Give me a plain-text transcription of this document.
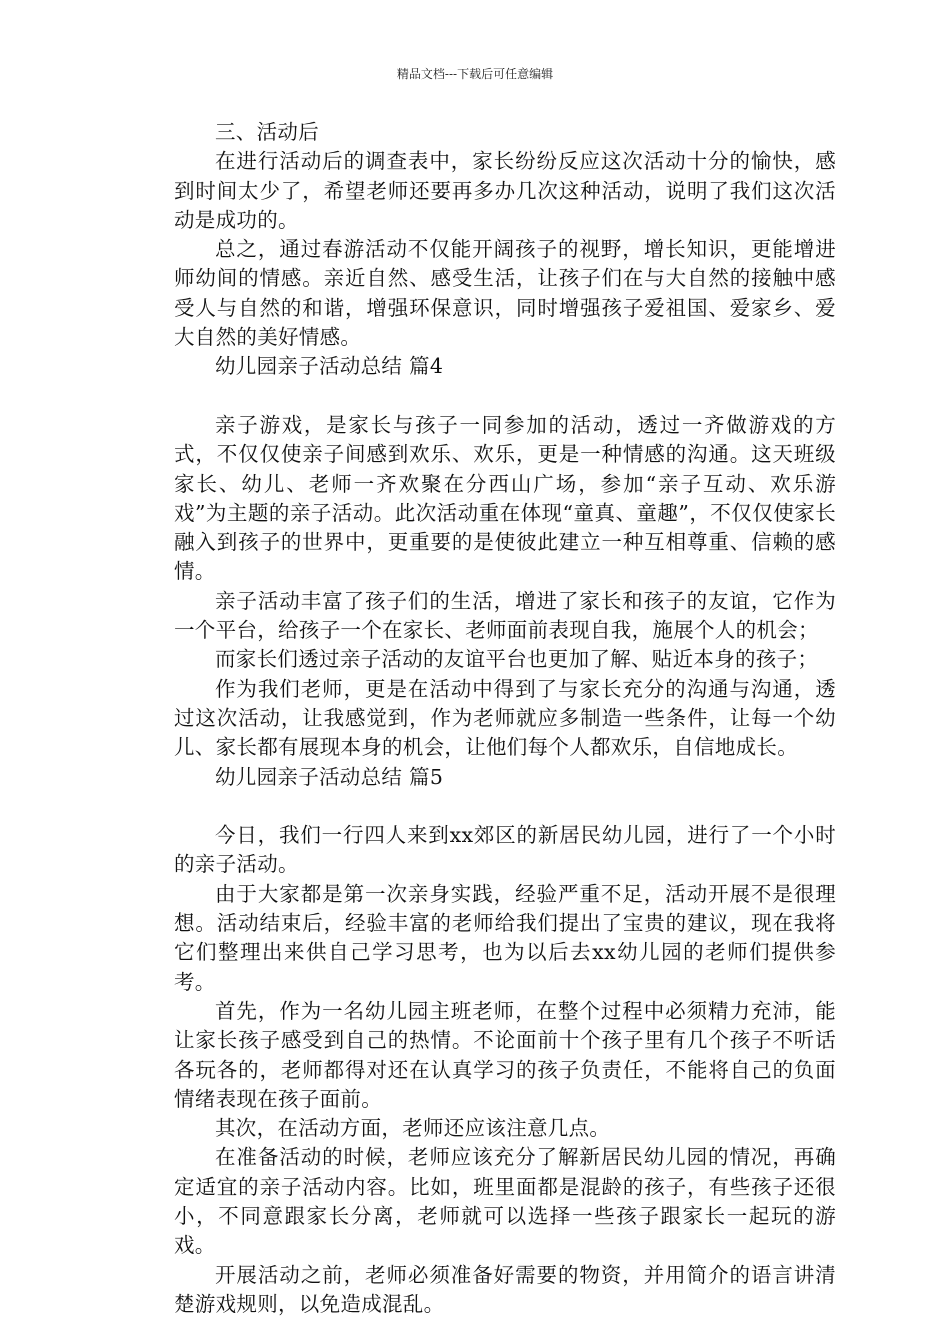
精品文档---下载后可任意编辑

三、活动后

在进行活动后的调查表中，家长纷纷反应这次活动十分的愉快，感到时间太少了，希望老师还要再多办几次这种活动，说明了我们这次活动是成功的。

总之，通过春游活动不仅能开阔孩子的视野，增长知识，更能增进师幼间的情感。亲近自然、感受生活，让孩子们在与大自然的接触中感受人与自然的和谐，增强环保意识，同时增强孩子爱祖国、爱家乡、爱大自然的美好情感。

幼儿园亲子活动总结 篇4

亲子游戏，是家长与孩子一同参加的活动，透过一齐做游戏的方式，不仅仅使亲子间感到欢乐、欢乐，更是一种情感的沟通。这天班级家长、幼儿、老师一齐欢聚在分西山广场，参加“亲子互动、欢乐游戏”为主题的亲子活动。此次活动重在体现“童真、童趣”，不仅仅使家长融入到孩子的世界中，更重要的是使彼此建立一种互相尊重、信赖的感情。

亲子活动丰富了孩子们的生活，增进了家长和孩子的友谊，它作为一个平台，给孩子一个在家长、老师面前表现自我，施展个人的机会；

而家长们透过亲子活动的友谊平台也更加了解、贴近本身的孩子；

作为我们老师，更是在活动中得到了与家长充分的沟通与沟通，透过这次活动，让我感觉到，作为老师就应多制造一些条件，让每一个幼儿、家长都有展现本身的机会，让他们每个人都欢乐，自信地成长。

幼儿园亲子活动总结 篇5

今日，我们一行四人来到xx郊区的新居民幼儿园，进行了一个小时的亲子活动。

由于大家都是第一次亲身实践，经验严重不足，活动开展不是很理想。活动结束后，经验丰富的老师给我们提出了宝贵的建议，现在我将它们整理出来供自己学习思考，也为以后去xx幼儿园的老师们提供参考。

首先，作为一名幼儿园主班老师，在整个过程中必须精力充沛，能让家长孩子感受到自己的热情。不论面前十个孩子里有几个孩子不听话各玩各的，老师都得对还在认真学习的孩子负责任，不能将自己的负面情绪表现在孩子面前。

其次，在活动方面，老师还应该注意几点。

在准备活动的时候，老师应该充分了解新居民幼儿园的情况，再确定适宜的亲子活动内容。比如，班里面都是混龄的孩子，有些孩子还很小，不同意跟家长分离，老师就可以选择一些孩子跟家长一起玩的游戏。

开展活动之前，老师必须准备好需要的物资，并用简介的语言讲清楚游戏规则，以免造成混乱。
